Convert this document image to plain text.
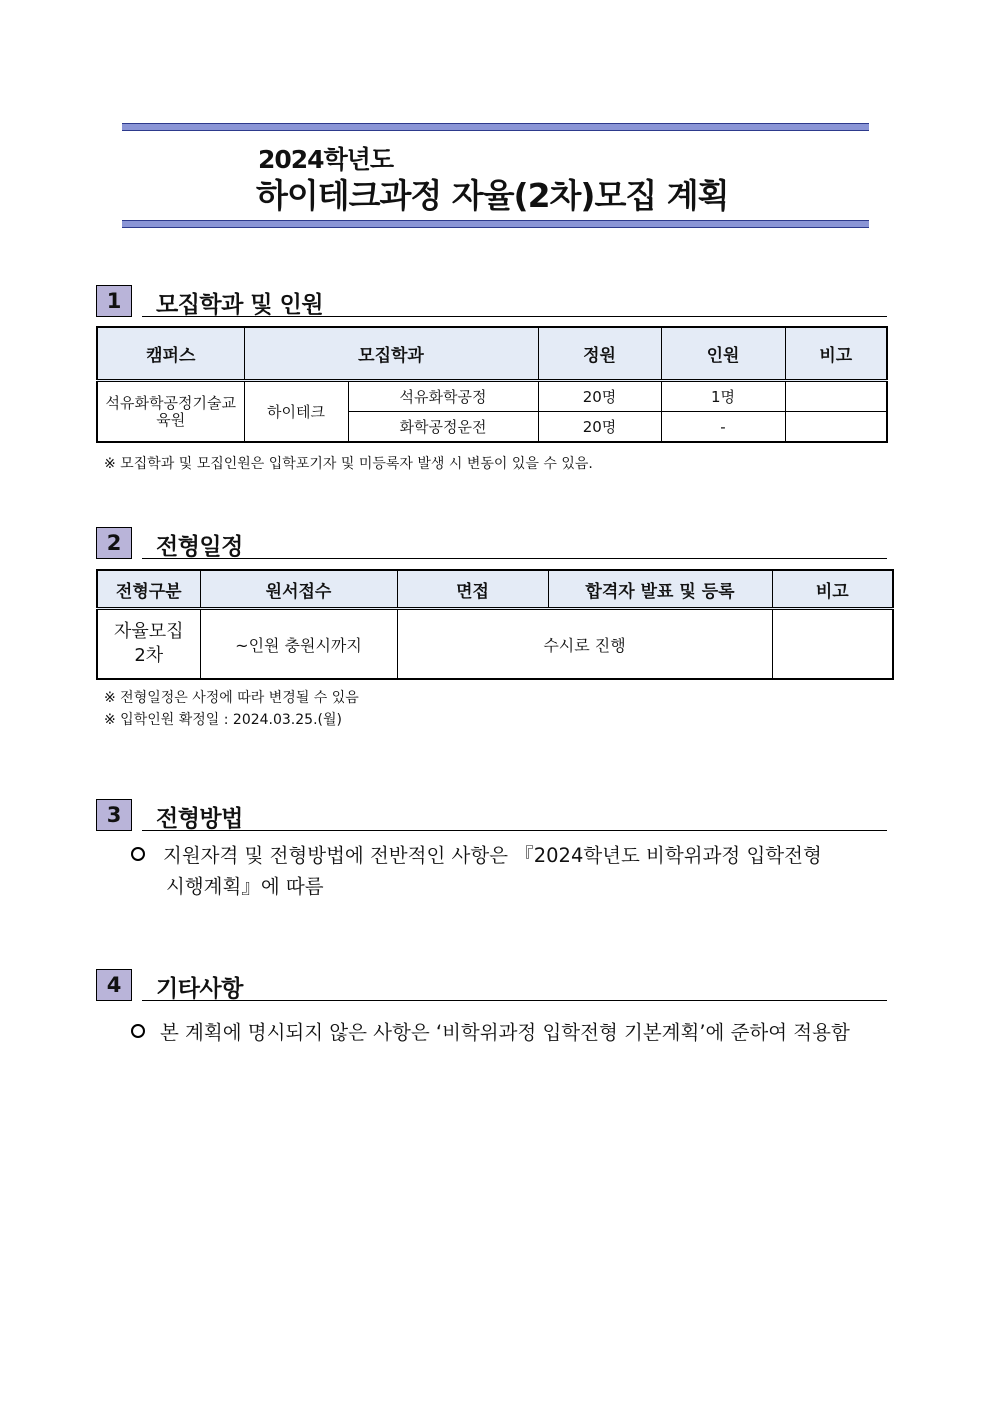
2024학년도
하이테크과정 자율(2차)모집 계획
1	모집학과 및 인원
캠퍼스	모집학과		정원	인원	비고
석유화학공정기술교육원	하이테크	석유화학공정	20명	1명	
		화학공정운전	20명	-	
※ 모집학과 및 모집인원은 입학포기자 및 미등록자 발생 시 변동이 있을 수 있음.
2	전형일정
전형구분	원서접수	면접	합격자 발표 및 등록	비고
자율모집 2차	~인원 충원시까지	수시로 진행		
※ 전형일정은 사정에 따라 변경될 수 있음
※ 입학인원 확정일 : 2024.03.25.(월)
3	전형방법
지원자격 및 전형방법에 전반적인 사항은 『2024학년도 비학위과정 입학전형
시행계획』에 따름
4	기타사항
본 계획에 명시되지 않은 사항은 ‘비학위과정 입학전형 기본계획’에 준하여 적용함
